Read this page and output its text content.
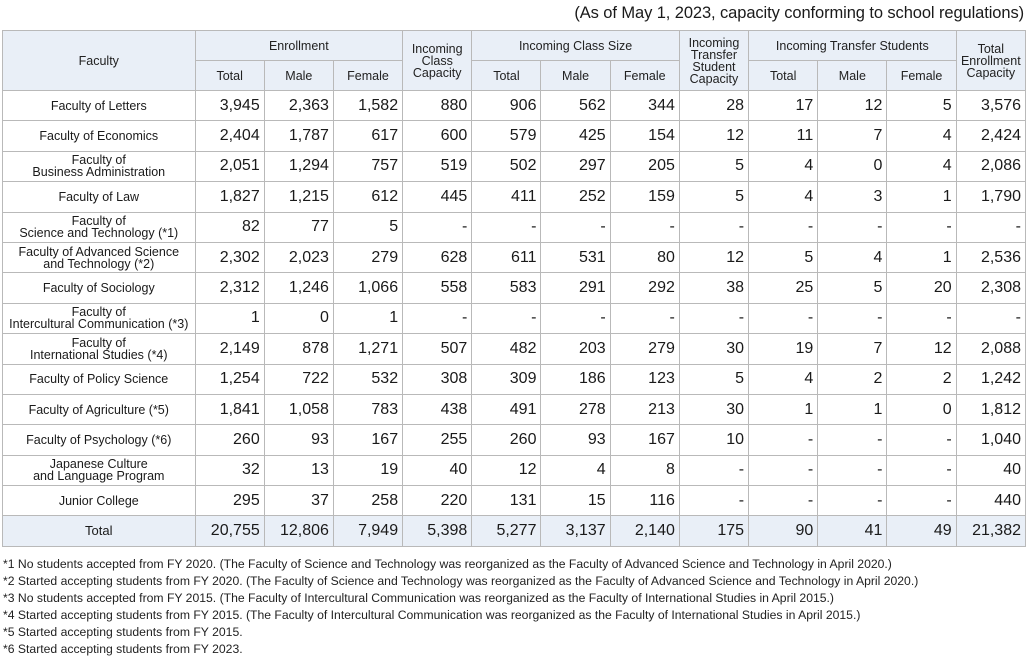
(As of May 1, 2023, capacity conforming to school regulations)
Faculty	Enrollment			Incoming
Class
Capacity	Incoming Class Size			Incoming
Transfer
Student
Capacity	Incoming Transfer Students			Total
Enrollment
Capacity
	Total	Male	Female		Total	Male	Female		Total	Male	Female	
Faculty of Letters	3,945	2,363	1,582	880	906	562	344	28	17	12	5	3,576
Faculty of Economics	2,404	1,787	617	600	579	425	154	12	11	7	4	2,424
Faculty of
Business Administration	2,051	1,294	757	519	502	297	205	5	4	0	4	2,086
Faculty of Law	1,827	1,215	612	445	411	252	159	5	4	3	1	1,790
Faculty of
Science and Technology (*1)	82	77	5	-	-	-	-	-	-	-	-	-
Faculty of Advanced Science
and Technology (*2)	2,302	2,023	279	628	611	531	80	12	5	4	1	2,536
Faculty of Sociology	2,312	1,246	1,066	558	583	291	292	38	25	5	20	2,308
Faculty of
Intercultural Communication (*3)	1	0	1	-	-	-	-	-	-	-	-	-
Faculty of
International Studies (*4)	2,149	878	1,271	507	482	203	279	30	19	7	12	2,088
Faculty of Policy Science	1,254	722	532	308	309	186	123	5	4	2	2	1,242
Faculty of Agriculture (*5)	1,841	1,058	783	438	491	278	213	30	1	1	0	1,812
Faculty of Psychology (*6)	260	93	167	255	260	93	167	10	-	-	-	1,040
Japanese Culture
and Language Program	32	13	19	40	12	4	8	-	-	-	-	40
Junior College	295	37	258	220	131	15	116	-	-	-	-	440
Total	20,755	12,806	7,949	5,398	5,277	3,137	2,140	175	90	41	49	21,382
*1 No students accepted from FY 2020. (The Faculty of Science and Technology was reorganized as the Faculty of Advanced Science and Technology in April 2020.)
*2 Started accepting students from FY 2020. (The Faculty of Science and Technology was reorganized as the Faculty of Advanced Science and Technology in April 2020.)
*3 No students accepted from FY 2015. (The Faculty of Intercultural Communication was reorganized as the Faculty of International Studies in April 2015.)
*4 Started accepting students from FY 2015. (The Faculty of Intercultural Communication was reorganized as the Faculty of International Studies in April 2015.)
*5 Started accepting students from FY 2015.
*6 Started accepting students from FY 2023.
